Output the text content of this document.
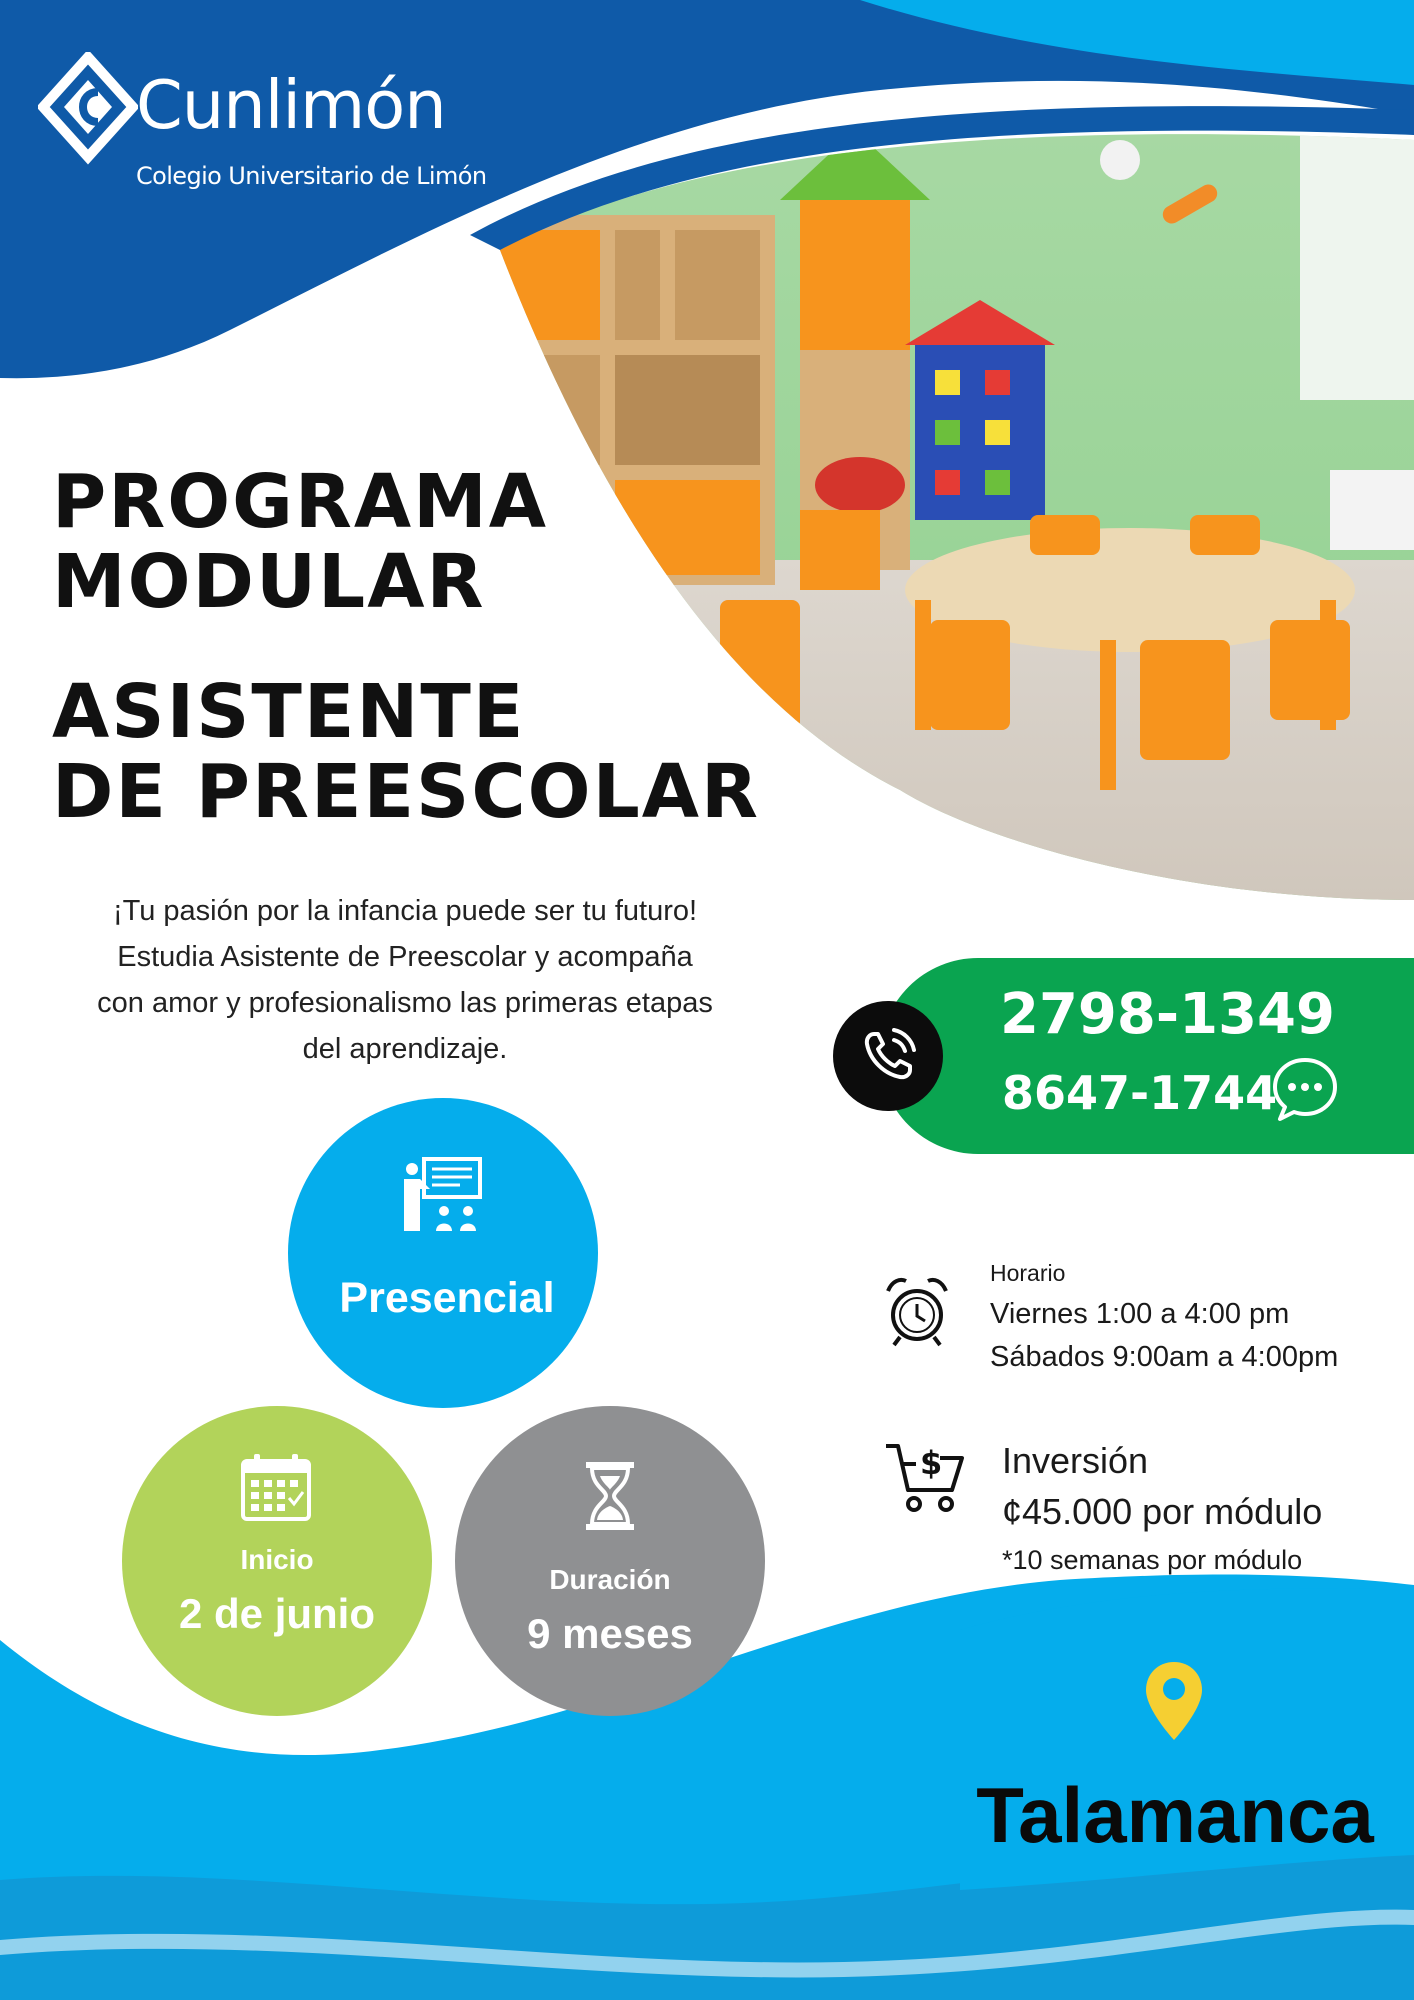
Cunlimón
Colegio Universitario de Limón
PROGRAMA
MODULAR
ASISTENTE
DE PREESCOLAR
¡Tu pasión por la infancia puede ser tu futuro!
Estudia Asistente de Preescolar y acompaña
con amor y profesionalismo las primeras etapas
del aprendizaje.
2798-1349
8647-1744
Presencial
Inicio
2 de junio
Duración
9 meses
Horario
Viernes 1:00 a 4:00 pm
Sábados 9:00am a 4:00pm
$ Inversión
¢45.000 por módulo
*10 semanas por módulo
Talamanca
